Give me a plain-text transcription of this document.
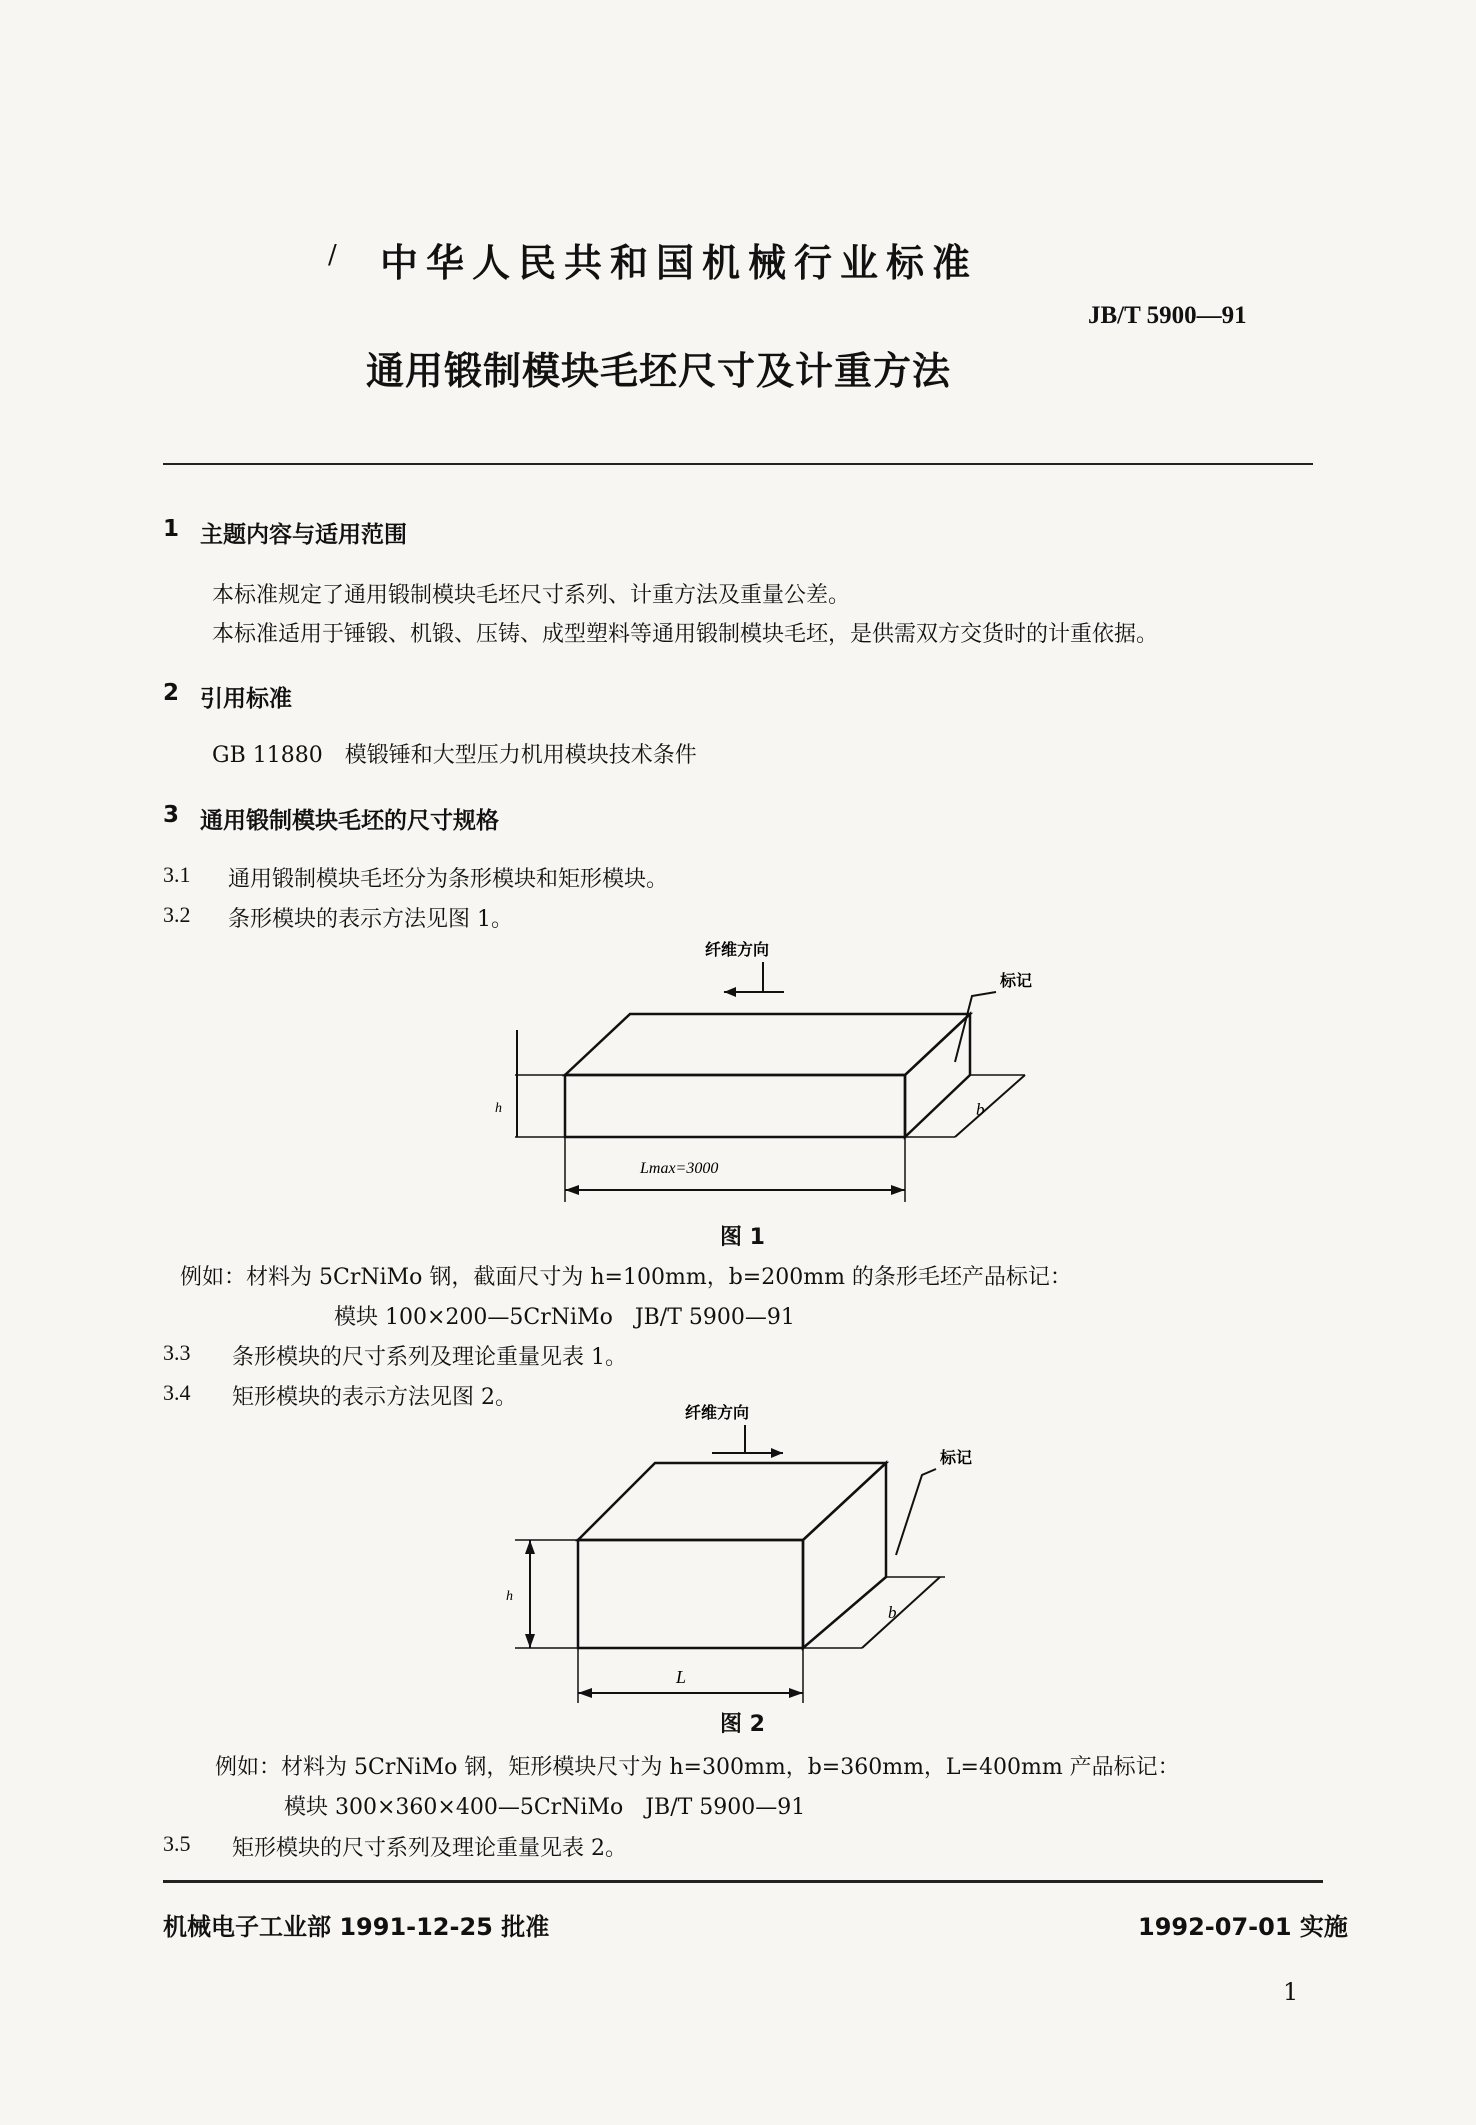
/ 中华人民共和国机械行业标准
JB/T 5900—91
通用锻制模块毛坯尺寸及计重方法
1 主题内容与适用范围
本标准规定了通用锻制模块毛坯尺寸系列、计重方法及重量公差。
本标准适用于锤锻、机锻、压铸、成型塑料等通用锻制模块毛坯，是供需双方交货时的计重依据。
2 引用标准
GB 11880　模锻锤和大型压力机用模块技术条件
3 通用锻制模块毛坯的尺寸规格
3.1 通用锻制模块毛坯分为条形模块和矩形模块。
3.2 条形模块的表示方法见图 1。
纤维方向
标记
h	b
Lmax=3000
图 1
例如：材料为 5CrNiMo 钢，截面尺寸为 h=100mm，b=200mm 的条形毛坯产品标记：
模块 100×200—5CrNiMo　JB/T 5900—91
3.3 条形模块的尺寸系列及理论重量见表 1。
3.4 矩形模块的表示方法见图 2。
纤维方向
标记
h
b
L
图 2
例如：材料为 5CrNiMo 钢，矩形模块尺寸为 h=300mm，b=360mm，L=400mm 产品标记：
模块 300×360×400—5CrNiMo　JB/T 5900—91
3.5 矩形模块的尺寸系列及理论重量见表 2。
机械电子工业部 1991-12-25 批准	1992-07-01 实施
1
